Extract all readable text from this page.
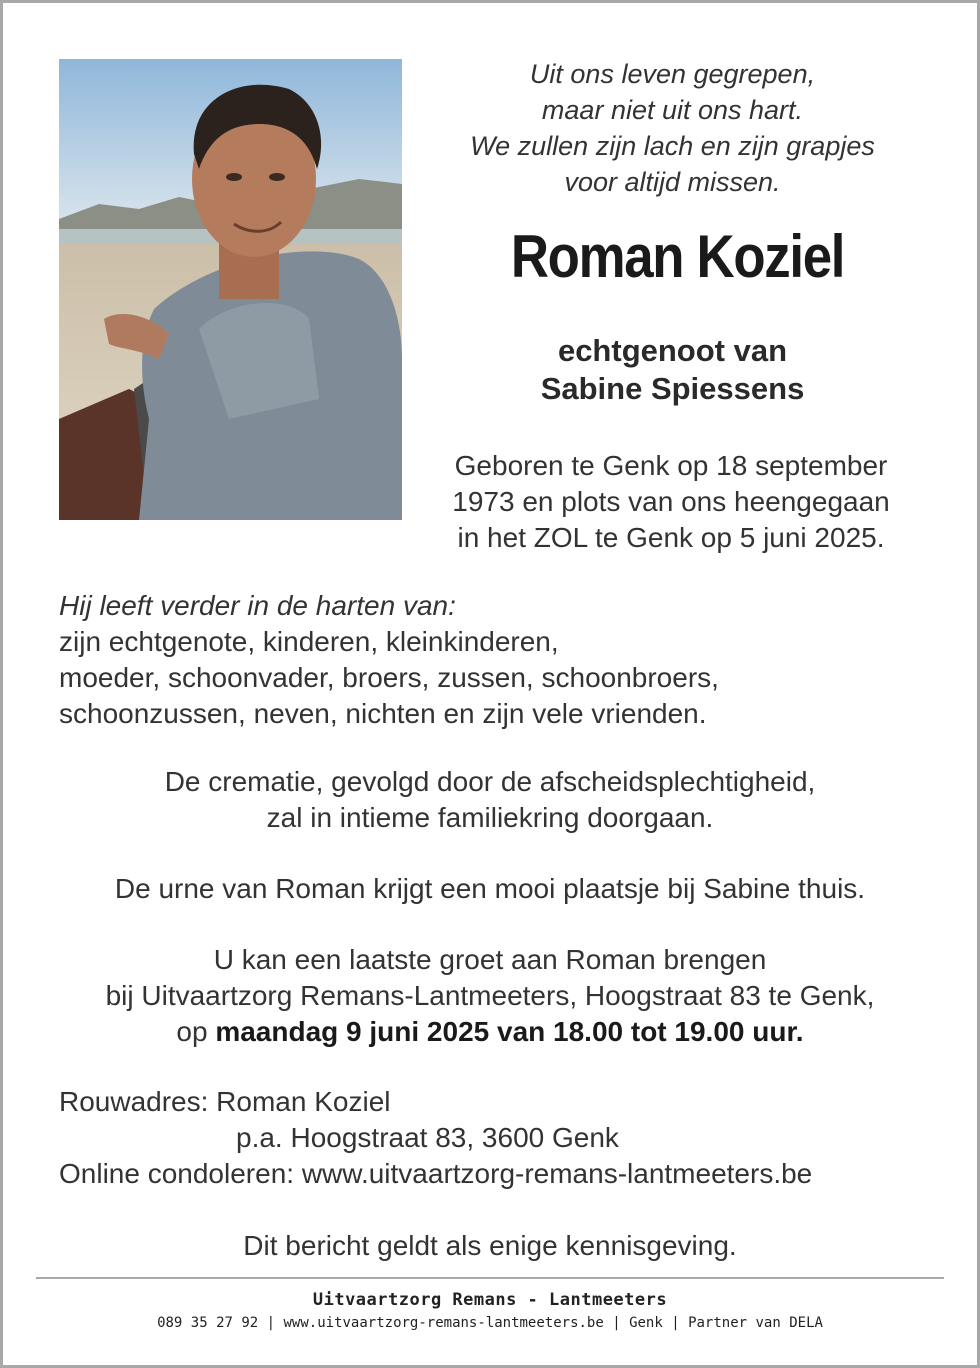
Uit ons leven gegrepen,
maar niet uit ons hart.
We zullen zijn lach en zijn grapjes
voor altijd missen.
Roman Koziel
echtgenoot van
Sabine Spiessens
Geboren te Genk op 18 september
1973 en plots van ons heengegaan
in het ZOL te Genk op 5 juni 2025.
Hij leeft verder in de harten van:
zijn echtgenote, kinderen, kleinkinderen,
moeder, schoonvader, broers, zussen, schoonbroers,
schoonzussen, neven, nichten en zijn vele vrienden.
De crematie, gevolgd door de afscheidsplechtigheid,
zal in intieme familiekring doorgaan.
De urne van Roman krijgt een mooi plaatsje bij Sabine thuis.
U kan een laatste groet aan Roman brengen
bij Uitvaartzorg Remans-Lantmeeters, Hoogstraat 83 te Genk,
op maandag 9 juni 2025 van 18.00 tot 19.00 uur.
Rouwadres: Roman Koziel
p.a. Hoogstraat 83, 3600 Genk
Online condoleren: www.uitvaartzorg-remans-lantmeeters.be
Dit bericht geldt als enige kennisgeving.
Uitvaartzorg Remans - Lantmeeters
089 35 27 92 | www.uitvaartzorg-remans-lantmeeters.be | Genk | Partner van DELA
